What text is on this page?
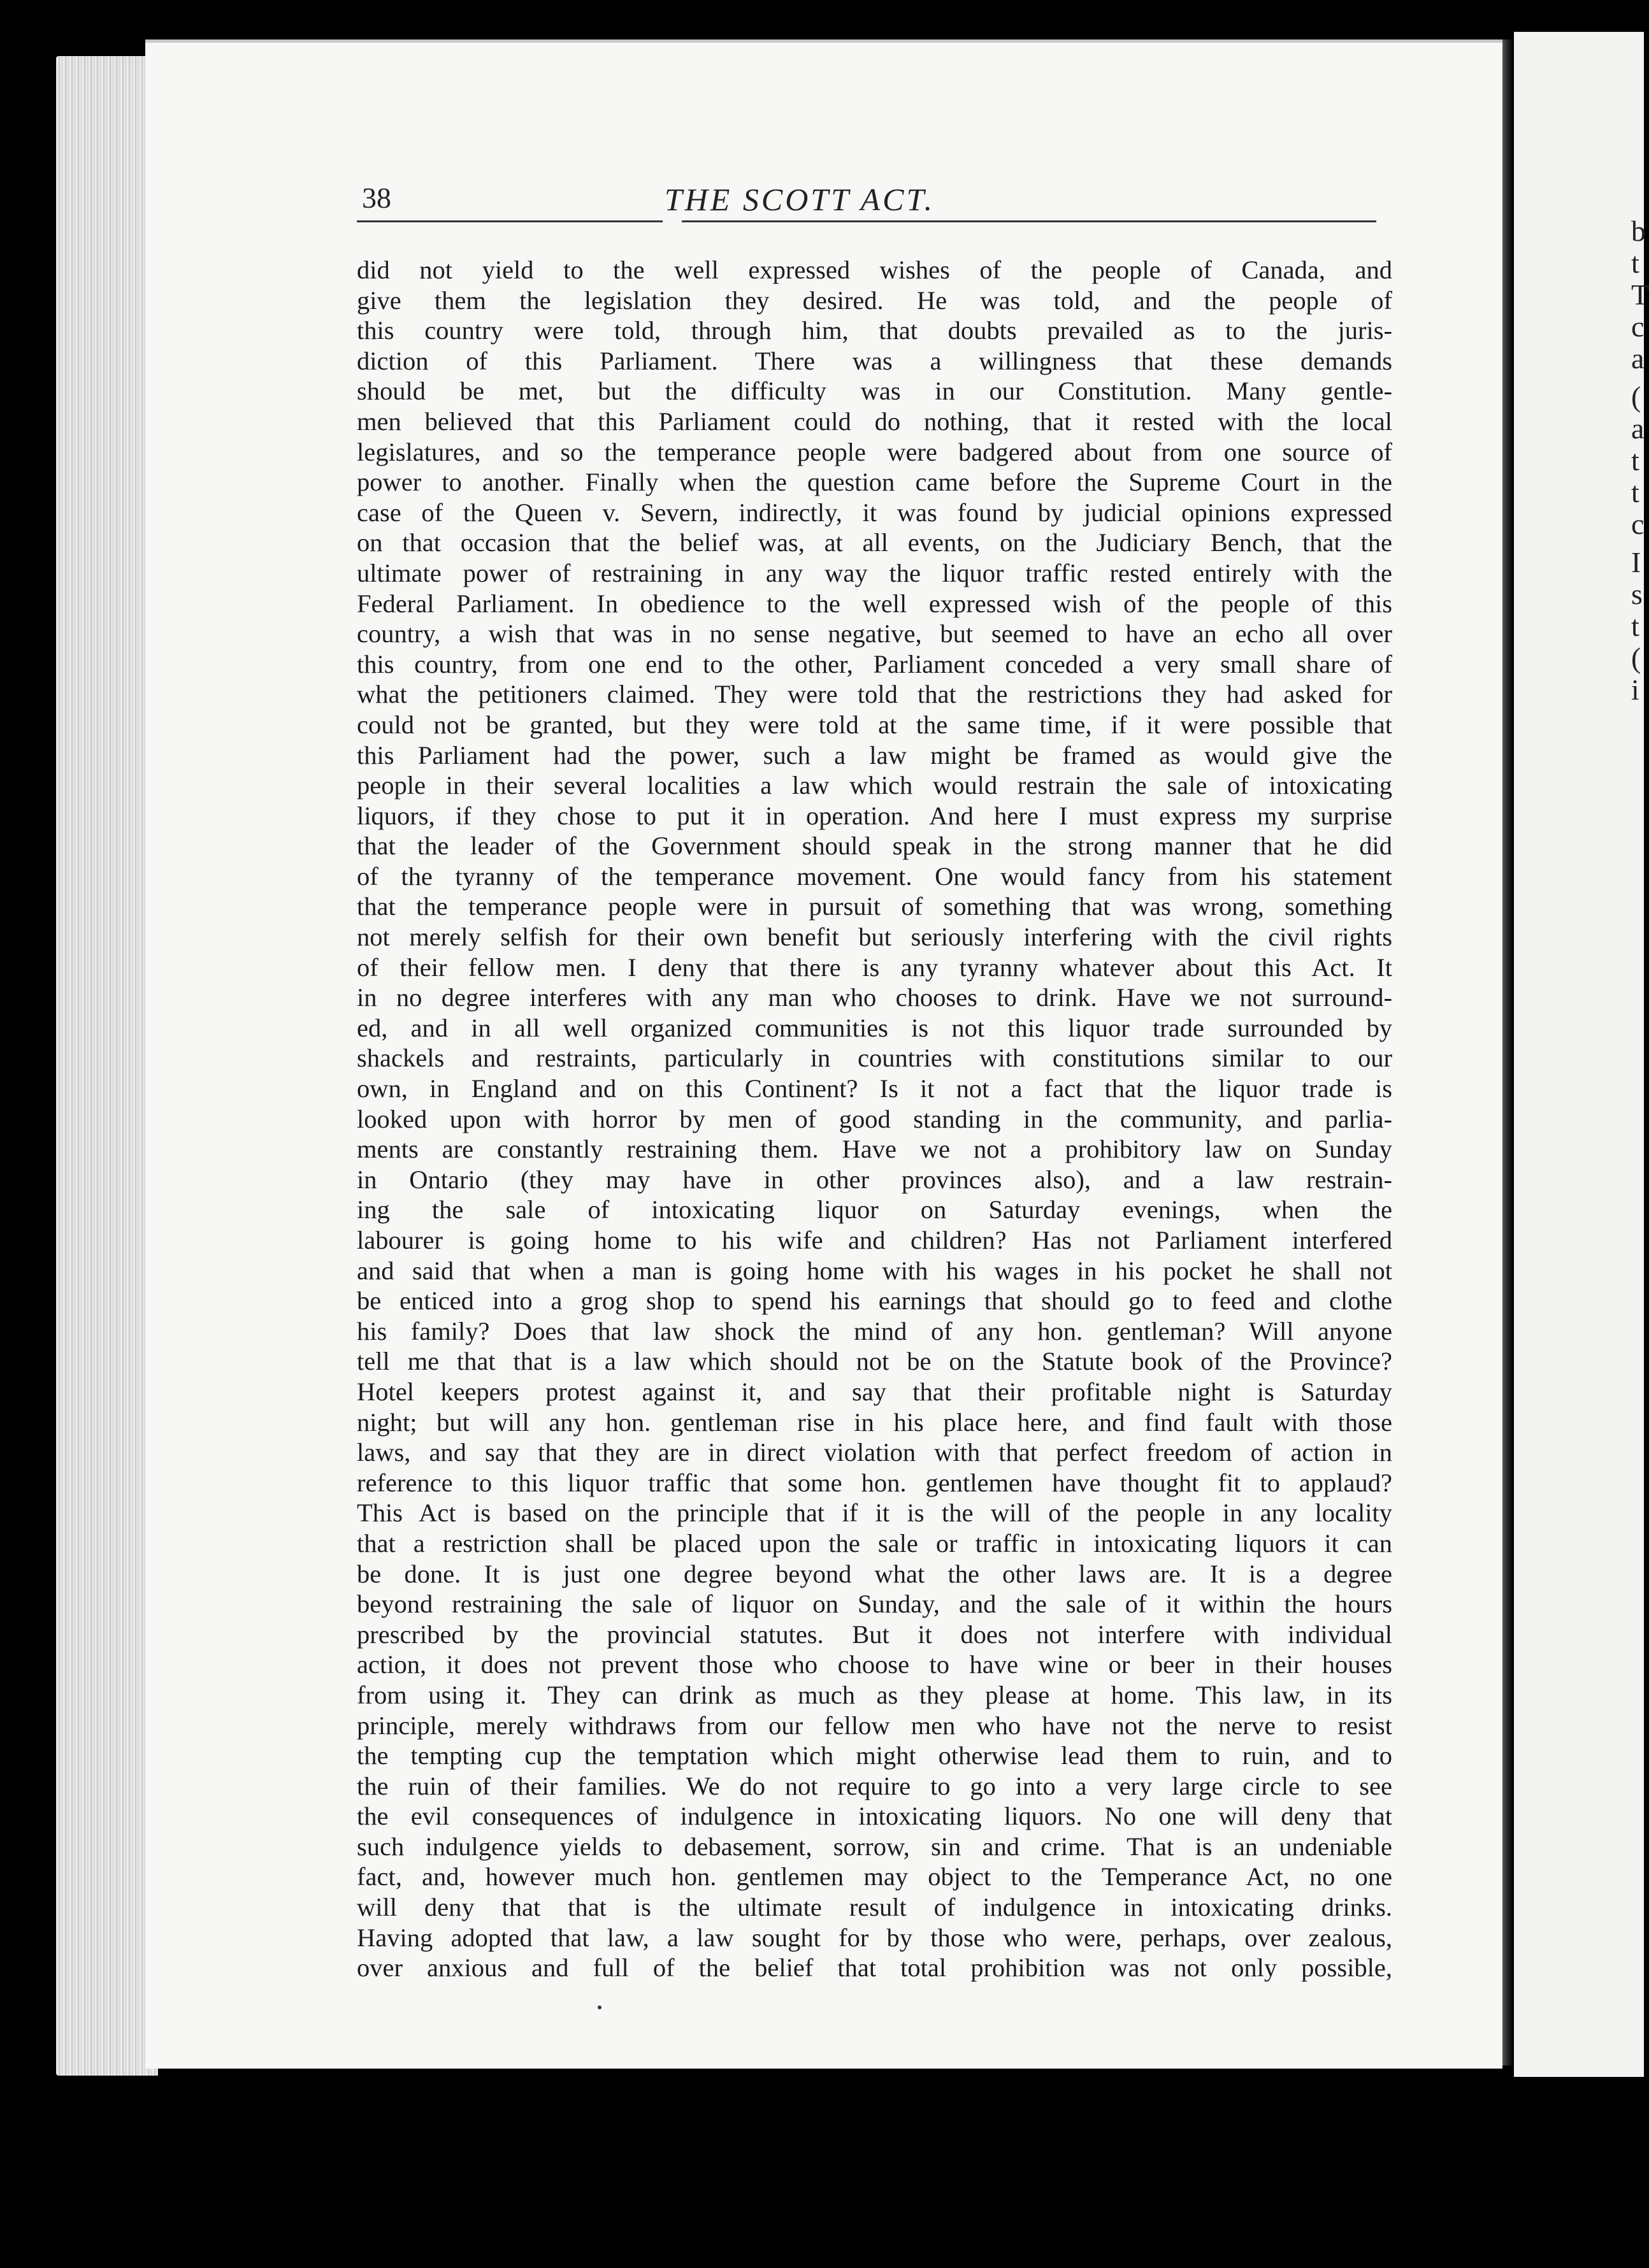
b
t
T
c
a
(
a
t
t
c
I
s
t
(
i
38	THE SCOTT ACT.
did not yield to the well expressed wishes of the people of Canada, and
give them the legislation they desired. He was told, and the people of
this country were told, through him, that doubts prevailed as to the juris-
diction of this Parliament. There was a willingness that these demands
should be met, but the difficulty was in our Constitution. Many gentle-
men believed that this Parliament could do nothing, that it rested with the local
legislatures, and so the temperance people were badgered about from one source of
power to another. Finally when the question came before the Supreme Court in the
case of the Queen v. Severn, indirectly, it was found by judicial opinions expressed
on that occasion that the belief was, at all events, on the Judiciary Bench, that the
ultimate power of restraining in any way the liquor traffic rested entirely with the
Federal Parliament. In obedience to the well expressed wish of the people of this
country, a wish that was in no sense negative, but seemed to have an echo all over
this country, from one end to the other, Parliament conceded a very small share of
what the petitioners claimed. They were told that the restrictions they had asked for
could not be granted, but they were told at the same time, if it were possible that
this Parliament had the power, such a law might be framed as would give the
people in their several localities a law which would restrain the sale of intoxicating
liquors, if they chose to put it in operation. And here I must express my surprise
that the leader of the Government should speak in the strong manner that he did
of the tyranny of the temperance movement. One would fancy from his statement
that the temperance people were in pursuit of something that was wrong, something
not merely selfish for their own benefit but seriously interfering with the civil rights
of their fellow men. I deny that there is any tyranny whatever about this Act. It
in no degree interferes with any man who chooses to drink. Have we not surround-
ed, and in all well organized communities is not this liquor trade surrounded by
shackels and restraints, particularly in countries with constitutions similar to our
own, in England and on this Continent? Is it not a fact that the liquor trade is
looked upon with horror by men of good standing in the community, and parlia-
ments are constantly restraining them. Have we not a prohibitory law on Sunday
in Ontario (they may have in other provinces also), and a law restrain-
ing the sale of intoxicating liquor on Saturday evenings, when the
labourer is going home to his wife and children? Has not Parliament interfered
and said that when a man is going home with his wages in his pocket he shall not
be enticed into a grog shop to spend his earnings that should go to feed and clothe
his family? Does that law shock the mind of any hon. gentleman? Will anyone
tell me that that is a law which should not be on the Statute book of the Province?
Hotel keepers protest against it, and say that their profitable night is Saturday
night; but will any hon. gentleman rise in his place here, and find fault with those
laws, and say that they are in direct violation with that perfect freedom of action in
reference to this liquor traffic that some hon. gentlemen have thought fit to applaud?
This Act is based on the principle that if it is the will of the people in any locality
that a restriction shall be placed upon the sale or traffic in intoxicating liquors it can
be done. It is just one degree beyond what the other laws are. It is a degree
beyond restraining the sale of liquor on Sunday, and the sale of it within the hours
prescribed by the provincial statutes. But it does not interfere with individual
action, it does not prevent those who choose to have wine or beer in their houses
from using it. They can drink as much as they please at home. This law, in its
principle, merely withdraws from our fellow men who have not the nerve to resist
the tempting cup the temptation which might otherwise lead them to ruin, and to
the ruin of their families. We do not require to go into a very large circle to see
the evil consequences of indulgence in intoxicating liquors. No one will deny that
such indulgence yields to debasement, sorrow, sin and crime. That is an undeniable
fact, and, however much hon. gentlemen may object to the Temperance Act, no one
will deny that that is the ultimate result of indulgence in intoxicating drinks.
Having adopted that law, a law sought for by those who were, perhaps, over zealous,
over anxious and full of the belief that total prohibition was not only possible,
